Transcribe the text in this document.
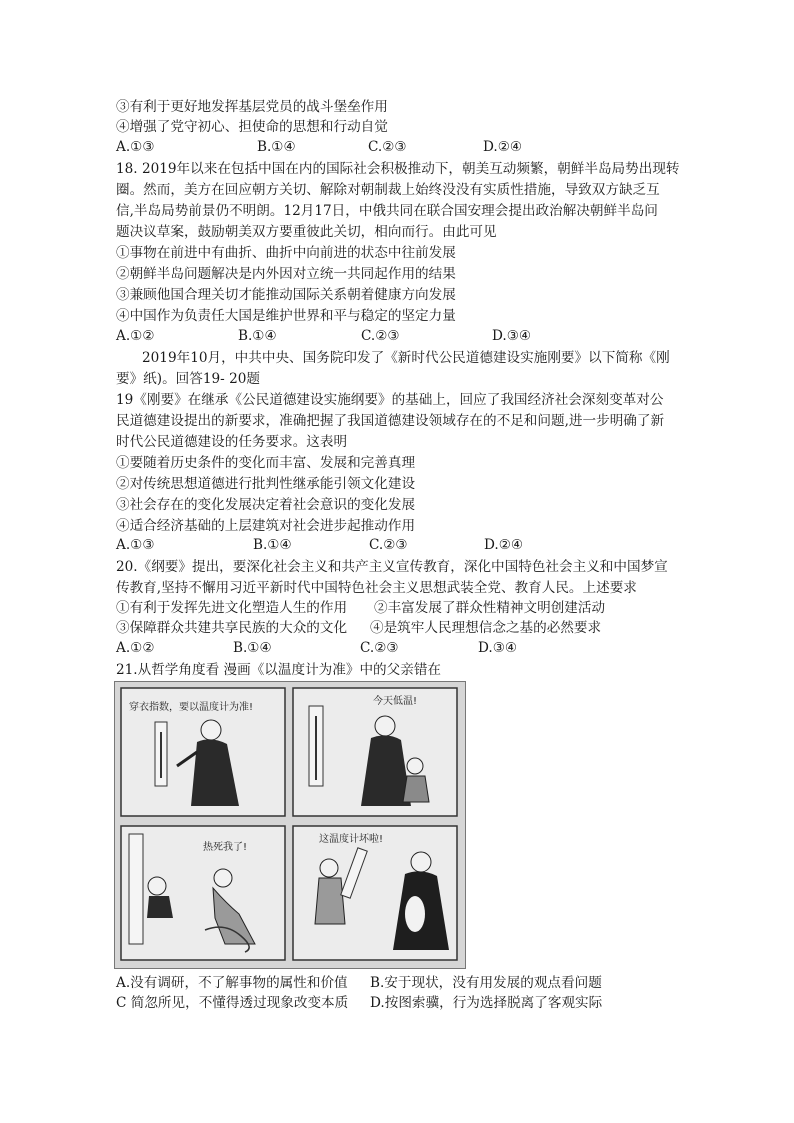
③有利于更好地发挥基层党员的战斗堡垒作用
④增强了党守初心、担使命的思想和行动自觉
A.①③	B.①④	C.②③	D.②④
18. 2019年以来在包括中国在内的国际社会积极推动下，朝美互动频繁，朝鲜半岛局势出现转
圈。然而，美方在回应朝方关切、解除对朝制裁上始终没没有实质性措施，导致双方缺乏互
信,半岛局势前景仍不明朗。12月17日，中俄共同在联合国安理会提出政治解决朝鲜半岛问
题决议草案，鼓励朝美双方要重彼此关切，相向而行。由此可见
①事物在前进中有曲折、曲折中向前进的状态中往前发展
②朝鲜半岛问题解决是内外因对立统一共同起作用的结果
③兼顾他国合理关切才能推动国际关系朝着健康方向发展
④中国作为负责任大国是维护世界和平与稳定的坚定力量
A.①②	B.①④	C.②③	D.③④
2019年10月，中共中央、国务院印发了《新时代公民道德建设实施刚要》以下简称《刚
要》纸)。回答19- 20题
19《刚要》在继承《公民道德建设实施纲要》的基础上，回应了我国经济社会深刻变革对公
民道德建设提出的新要求，准确把握了我国道德建设领域存在的不足和问题,进一步明确了新
时代公民道德建设的任务要求。这表明
①要随着历史条件的变化而丰富、发展和完善真理
②对传统思想道德进行批判性继承能引领文化建设
③社会存在的变化发展决定着社会意识的变化发展
④适合经济基础的上层建筑对社会进步起推动作用
A.①③	B.①④	C.②③	D.②④
20.《纲要》提出，要深化社会主义和共产主义宣传教育，深化中国特色社会主义和中国梦宣
传教育,坚持不懈用习近平新时代中国特色社会主义思想武装全党、教育人民。上述要求
①有利于发挥先进文化塑造人生的作用 ②丰富发展了群众性精神文明创建活动
③保障群众共建共享民族的大众的文化 ④是筑牢人民理想信念之基的必然要求
A.①②	B.①④	C.②③	D.③④
21.从哲学角度看 漫画《以温度计为准》中的父亲错在
穿衣指数，要以温度计为准!
今天低温!
热死我了!
这温度计坏啦!
A.没有调研，不了解事物的属性和价值 B.安于现状，没有用发展的观点看问题
C 简忽所见，不懂得透过现象改变本质 D.按图索骥，行为选择脱离了客观实际
